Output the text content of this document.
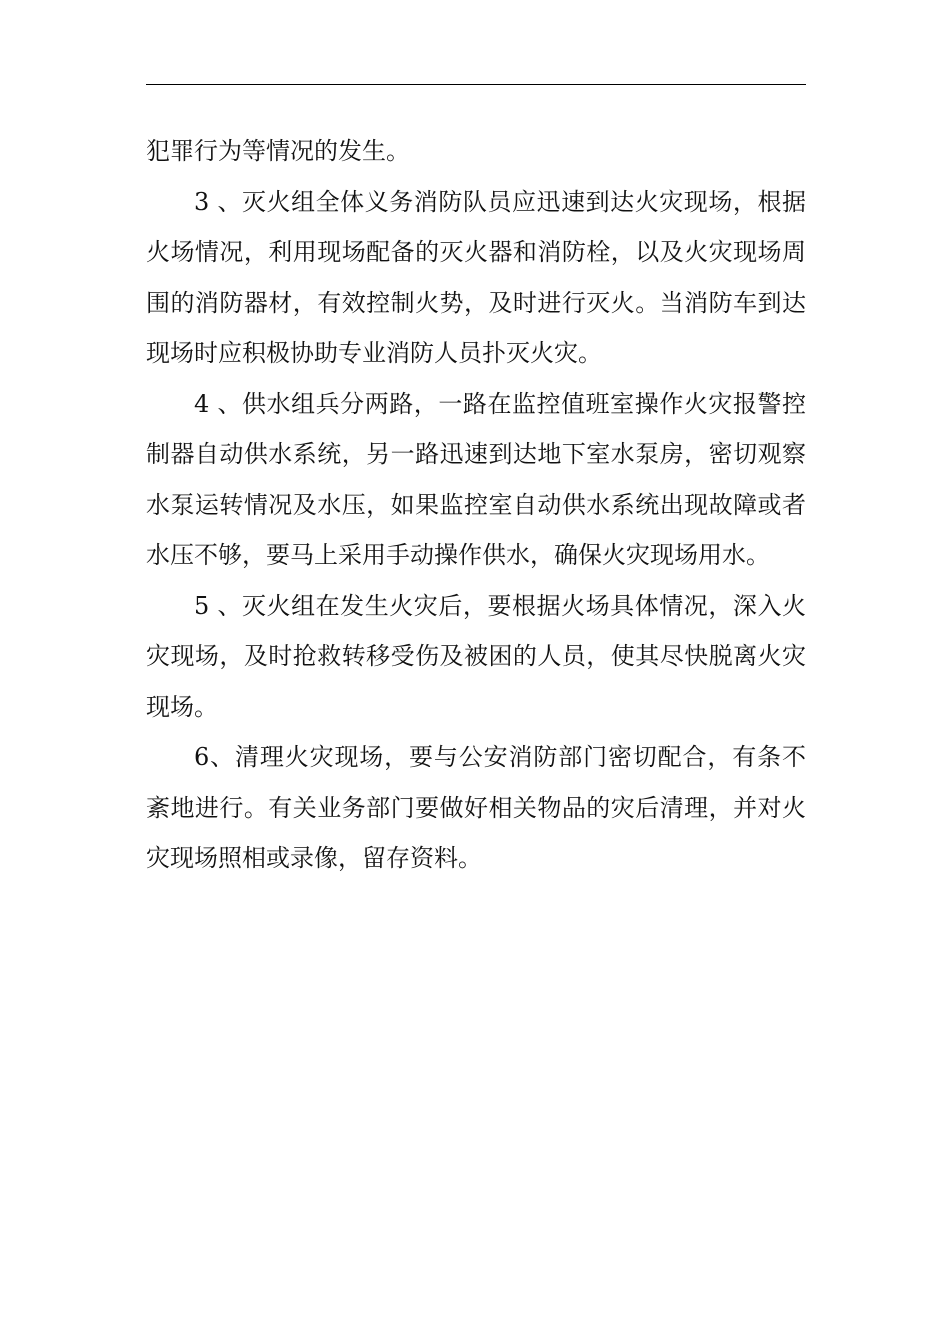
犯罪行为等情况的发生。

3 、灭火组全体义务消防队员应迅速到达火灾现场，根据火场情况，利用现场配备的灭火器和消防栓，以及火灾现场周围的消防器材，有效控制火势，及时进行灭火。当消防车到达现场时应积极协助专业消防人员扑灭火灾。

4 、供水组兵分两路，一路在监控值班室操作火灾报警控制器自动供水系统，另一路迅速到达地下室水泵房，密切观察水泵运转情况及水压，如果监控室自动供水系统出现故障或者水压不够，要马上采用手动操作供水，确保火灾现场用水。

5 、灭火组在发生火灾后，要根据火场具体情况，深入火灾现场，及时抢救转移受伤及被困的人员，使其尽快脱离火灾现场。

6、清理火灾现场，要与公安消防部门密切配合，有条不紊地进行。有关业务部门要做好相关物品的灾后清理，并对火灾现场照相或录像，留存资料。
